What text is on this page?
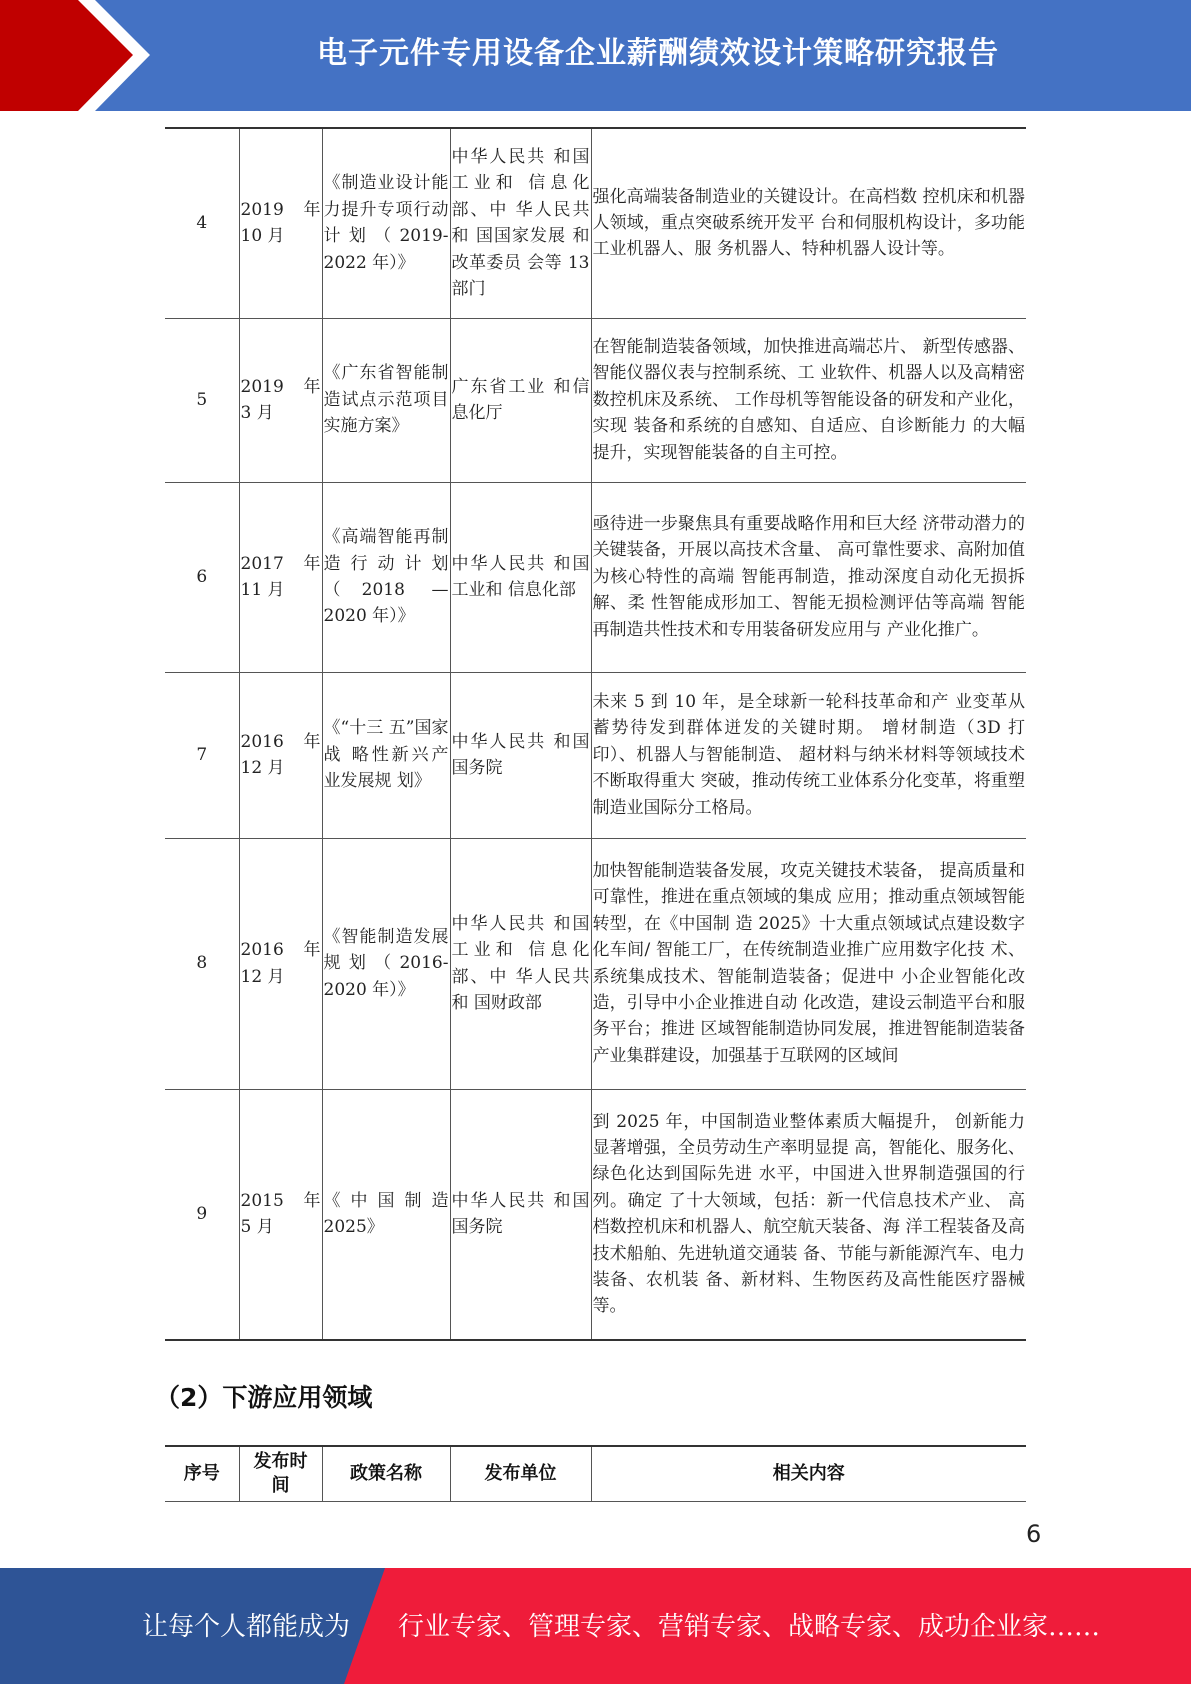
电子元件专用设备企业薪酬绩效设计策略研究报告
4	2019 年 10 月	《制造业设计能力提升专项行动计划（2019-2022 年）》	中华人民共 和国工业和 信息化部、中 华人民共和 国国家发展 和改革委员 会等 13 部门	强化高端装备制造业的关键设计。在高档数 控机床和机器人领域，重点突破系统开发平 台和伺服机构设计，多功能工业机器人、服 务机器人、特种机器人设计等。
5	2019 年 3 月	《广东省智能制造试点示范项目实施方案》	广东省工业 和信息化厅	在智能制造装备领域，加快推进高端芯片、 新型传感器、智能仪器仪表与控制系统、工 业软件、机器人以及高精密数控机床及系统、 工作母机等智能设备的研发和产业化，实现 装备和系统的自感知、自适应、自诊断能力 的大幅提升，实现智能装备的自主可控。
6	2017 年 11 月	《高端智能再制造行动计划（2018 — 2020 年）》	中华人民共 和国工业和 信息化部	亟待进一步聚焦具有重要战略作用和巨大经 济带动潜力的关键装备，开展以高技术含量、 高可靠性要求、高附加值为核心特性的高端 智能再制造，推动深度自动化无损拆解、柔 性智能成形加工、智能无损检测评估等高端 智能再制造共性技术和专用装备研发应用与 产业化推广。
7	2016 年 12 月	《“十三 五”国家战 略性新兴产 业发展规 划》	中华人民共 和国国务院	未来 5 到 10 年，是全球新一轮科技革命和产 业变革从蓄势待发到群体迸发的关键时期。 增材制造（3D 打印）、机器人与智能制造、 超材料与纳米材料等领域技术不断取得重大 突破，推动传统工业体系分化变革，将重塑 制造业国际分工格局。
8	2016 年 12 月	《智能制造发展规划（2016-2020 年）》	中华人民共 和国工业和 信息化部、中 华人民共和 国财政部	加快智能制造装备发展，攻克关键技术装备， 提高质量和可靠性，推进在重点领域的集成 应用；推动重点领域智能转型，在《中国制 造 2025》十大重点领域试点建设数字化车间/ 智能工厂，在传统制造业推广应用数字化技 术、系统集成技术、智能制造装备；促进中 小企业智能化改造，引导中小企业推进自动 化改造，建设云制造平台和服务平台；推进 区域智能制造协同发展，推进智能制造装备产业集群建设，加强基于互联网的区域间
9	2015 年 5 月	《中国制造 2025》	中华人民共 和国国务院	到 2025 年，中国制造业整体素质大幅提升， 创新能力显著增强，全员劳动生产率明显提 高，智能化、服务化、绿色化达到国际先进 水平，中国进入世界制造强国的行列。确定 了十大领域，包括：新一代信息技术产业、 高档数控机床和机器人、航空航天装备、海 洋工程装备及高技术船舶、先进轨道交通装 备、节能与新能源汽车、电力装备、农机装 备、新材料、生物医药及高性能医疗器械等。
（2）下游应用领域
序号	发布时间	政策名称	发布单位	相关内容
6
让每个人都能成为 行业专家、管理专家、营销专家、战略专家、成功企业家……
